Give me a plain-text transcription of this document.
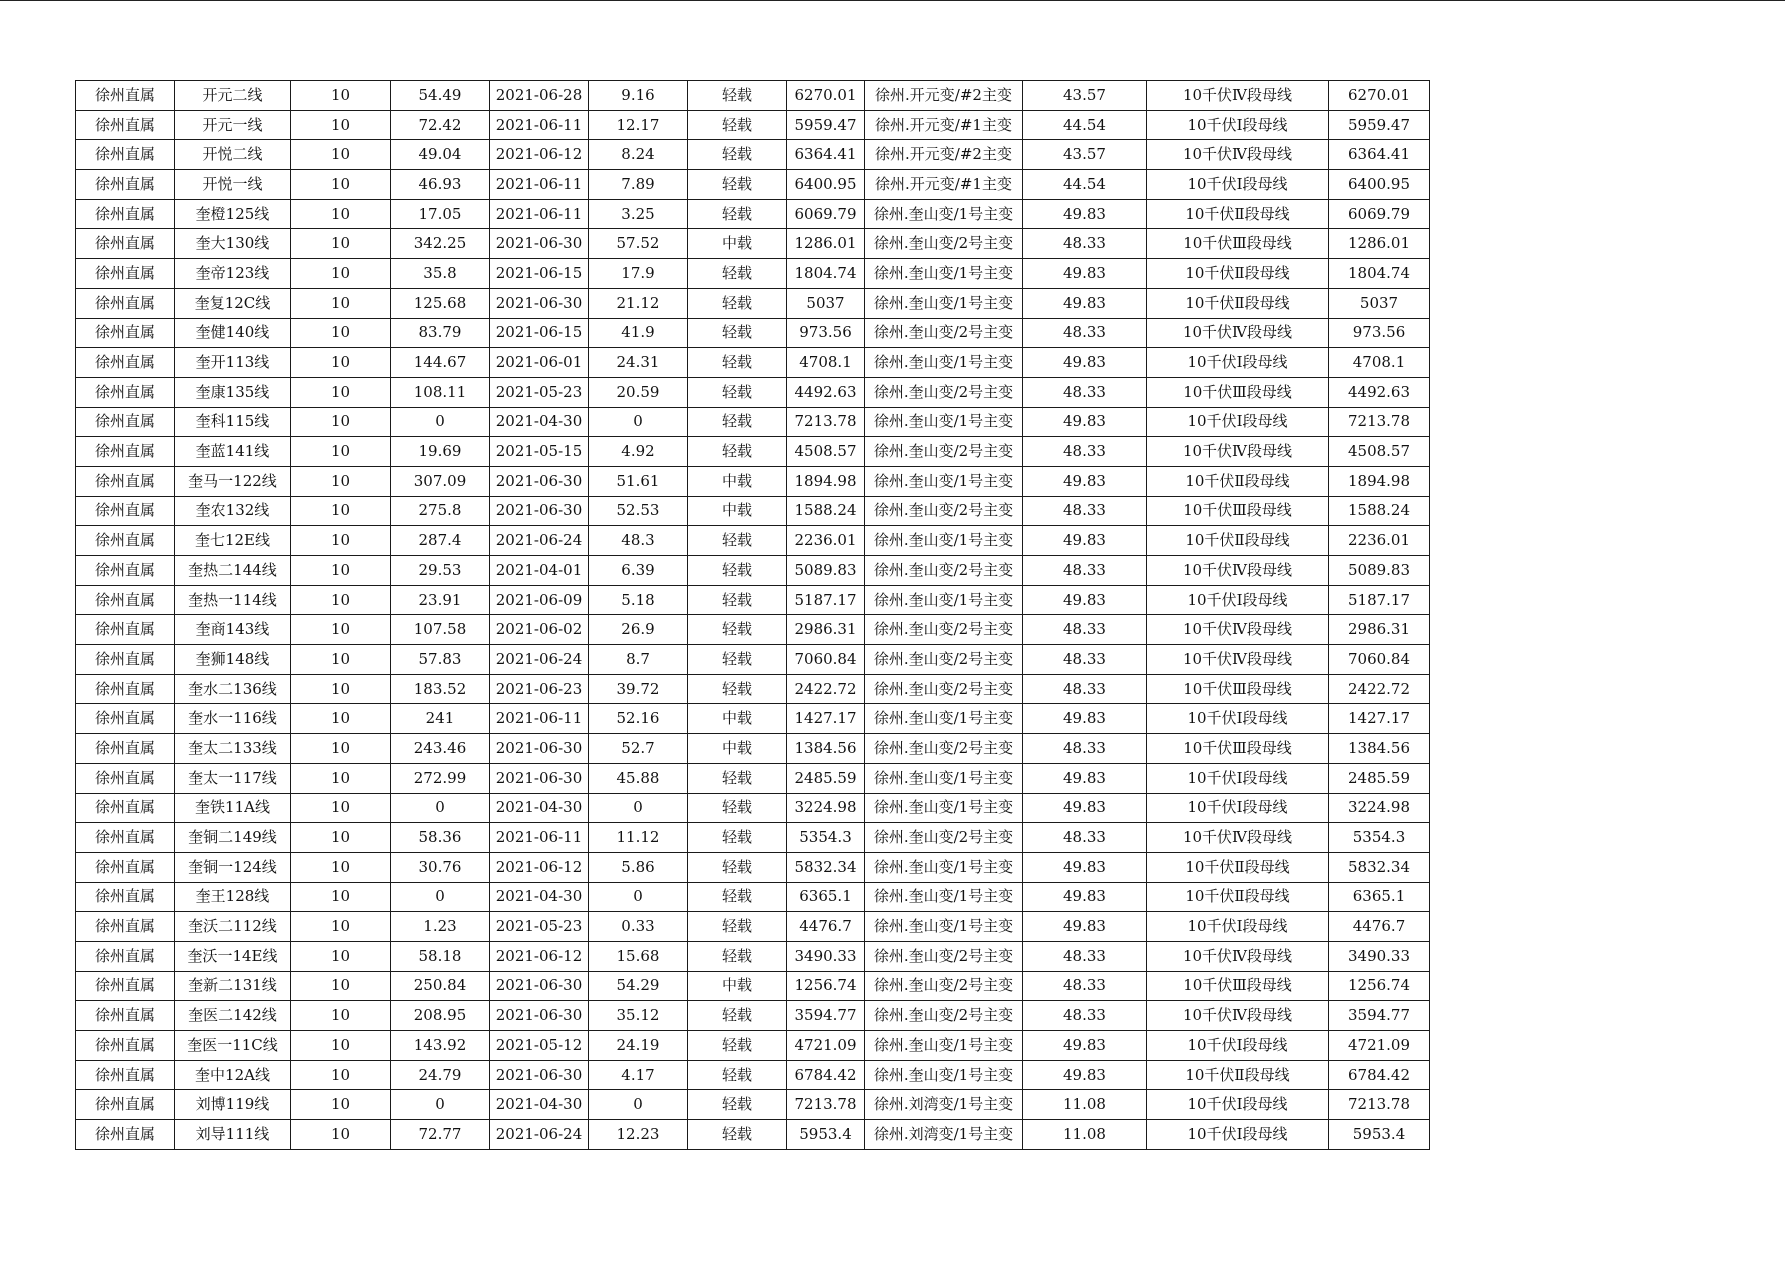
徐州直属	开元二线	10	54.49	2021-06-28	9.16	轻载	6270.01	徐州.开元变/#2主变	43.57	10千伏Ⅳ段母线	6270.01
徐州直属	开元一线	10	72.42	2021-06-11	12.17	轻载	5959.47	徐州.开元变/#1主变	44.54	10千伏Ⅰ段母线	5959.47
徐州直属	开悦二线	10	49.04	2021-06-12	8.24	轻载	6364.41	徐州.开元变/#2主变	43.57	10千伏Ⅳ段母线	6364.41
徐州直属	开悦一线	10	46.93	2021-06-11	7.89	轻载	6400.95	徐州.开元变/#1主变	44.54	10千伏Ⅰ段母线	6400.95
徐州直属	奎橙125线	10	17.05	2021-06-11	3.25	轻载	6069.79	徐州.奎山变/1号主变	49.83	10千伏Ⅱ段母线	6069.79
徐州直属	奎大130线	10	342.25	2021-06-30	57.52	中载	1286.01	徐州.奎山变/2号主变	48.33	10千伏Ⅲ段母线	1286.01
徐州直属	奎帝123线	10	35.8	2021-06-15	17.9	轻载	1804.74	徐州.奎山变/1号主变	49.83	10千伏Ⅱ段母线	1804.74
徐州直属	奎复12C线	10	125.68	2021-06-30	21.12	轻载	5037	徐州.奎山变/1号主变	49.83	10千伏Ⅱ段母线	5037
徐州直属	奎健140线	10	83.79	2021-06-15	41.9	轻载	973.56	徐州.奎山变/2号主变	48.33	10千伏Ⅳ段母线	973.56
徐州直属	奎开113线	10	144.67	2021-06-01	24.31	轻载	4708.1	徐州.奎山变/1号主变	49.83	10千伏Ⅰ段母线	4708.1
徐州直属	奎康135线	10	108.11	2021-05-23	20.59	轻载	4492.63	徐州.奎山变/2号主变	48.33	10千伏Ⅲ段母线	4492.63
徐州直属	奎科115线	10	0	2021-04-30	0	轻载	7213.78	徐州.奎山变/1号主变	49.83	10千伏Ⅰ段母线	7213.78
徐州直属	奎蓝141线	10	19.69	2021-05-15	4.92	轻载	4508.57	徐州.奎山变/2号主变	48.33	10千伏Ⅳ段母线	4508.57
徐州直属	奎马一122线	10	307.09	2021-06-30	51.61	中载	1894.98	徐州.奎山变/1号主变	49.83	10千伏Ⅱ段母线	1894.98
徐州直属	奎农132线	10	275.8	2021-06-30	52.53	中载	1588.24	徐州.奎山变/2号主变	48.33	10千伏Ⅲ段母线	1588.24
徐州直属	奎七12E线	10	287.4	2021-06-24	48.3	轻载	2236.01	徐州.奎山变/1号主变	49.83	10千伏Ⅱ段母线	2236.01
徐州直属	奎热二144线	10	29.53	2021-04-01	6.39	轻载	5089.83	徐州.奎山变/2号主变	48.33	10千伏Ⅳ段母线	5089.83
徐州直属	奎热一114线	10	23.91	2021-06-09	5.18	轻载	5187.17	徐州.奎山变/1号主变	49.83	10千伏Ⅰ段母线	5187.17
徐州直属	奎商143线	10	107.58	2021-06-02	26.9	轻载	2986.31	徐州.奎山变/2号主变	48.33	10千伏Ⅳ段母线	2986.31
徐州直属	奎狮148线	10	57.83	2021-06-24	8.7	轻载	7060.84	徐州.奎山变/2号主变	48.33	10千伏Ⅳ段母线	7060.84
徐州直属	奎水二136线	10	183.52	2021-06-23	39.72	轻载	2422.72	徐州.奎山变/2号主变	48.33	10千伏Ⅲ段母线	2422.72
徐州直属	奎水一116线	10	241	2021-06-11	52.16	中载	1427.17	徐州.奎山变/1号主变	49.83	10千伏Ⅰ段母线	1427.17
徐州直属	奎太二133线	10	243.46	2021-06-30	52.7	中载	1384.56	徐州.奎山变/2号主变	48.33	10千伏Ⅲ段母线	1384.56
徐州直属	奎太一117线	10	272.99	2021-06-30	45.88	轻载	2485.59	徐州.奎山变/1号主变	49.83	10千伏Ⅰ段母线	2485.59
徐州直属	奎铁11A线	10	0	2021-04-30	0	轻载	3224.98	徐州.奎山变/1号主变	49.83	10千伏Ⅰ段母线	3224.98
徐州直属	奎铜二149线	10	58.36	2021-06-11	11.12	轻载	5354.3	徐州.奎山变/2号主变	48.33	10千伏Ⅳ段母线	5354.3
徐州直属	奎铜一124线	10	30.76	2021-06-12	5.86	轻载	5832.34	徐州.奎山变/1号主变	49.83	10千伏Ⅱ段母线	5832.34
徐州直属	奎王128线	10	0	2021-04-30	0	轻载	6365.1	徐州.奎山变/1号主变	49.83	10千伏Ⅱ段母线	6365.1
徐州直属	奎沃二112线	10	1.23	2021-05-23	0.33	轻载	4476.7	徐州.奎山变/1号主变	49.83	10千伏Ⅰ段母线	4476.7
徐州直属	奎沃一14E线	10	58.18	2021-06-12	15.68	轻载	3490.33	徐州.奎山变/2号主变	48.33	10千伏Ⅳ段母线	3490.33
徐州直属	奎新二131线	10	250.84	2021-06-30	54.29	中载	1256.74	徐州.奎山变/2号主变	48.33	10千伏Ⅲ段母线	1256.74
徐州直属	奎医二142线	10	208.95	2021-06-30	35.12	轻载	3594.77	徐州.奎山变/2号主变	48.33	10千伏Ⅳ段母线	3594.77
徐州直属	奎医一11C线	10	143.92	2021-05-12	24.19	轻载	4721.09	徐州.奎山变/1号主变	49.83	10千伏Ⅰ段母线	4721.09
徐州直属	奎中12A线	10	24.79	2021-06-30	4.17	轻载	6784.42	徐州.奎山变/1号主变	49.83	10千伏Ⅱ段母线	6784.42
徐州直属	刘博119线	10	0	2021-04-30	0	轻载	7213.78	徐州.刘湾变/1号主变	11.08	10千伏Ⅰ段母线	7213.78
徐州直属	刘导111线	10	72.77	2021-06-24	12.23	轻载	5953.4	徐州.刘湾变/1号主变	11.08	10千伏Ⅰ段母线	5953.4
